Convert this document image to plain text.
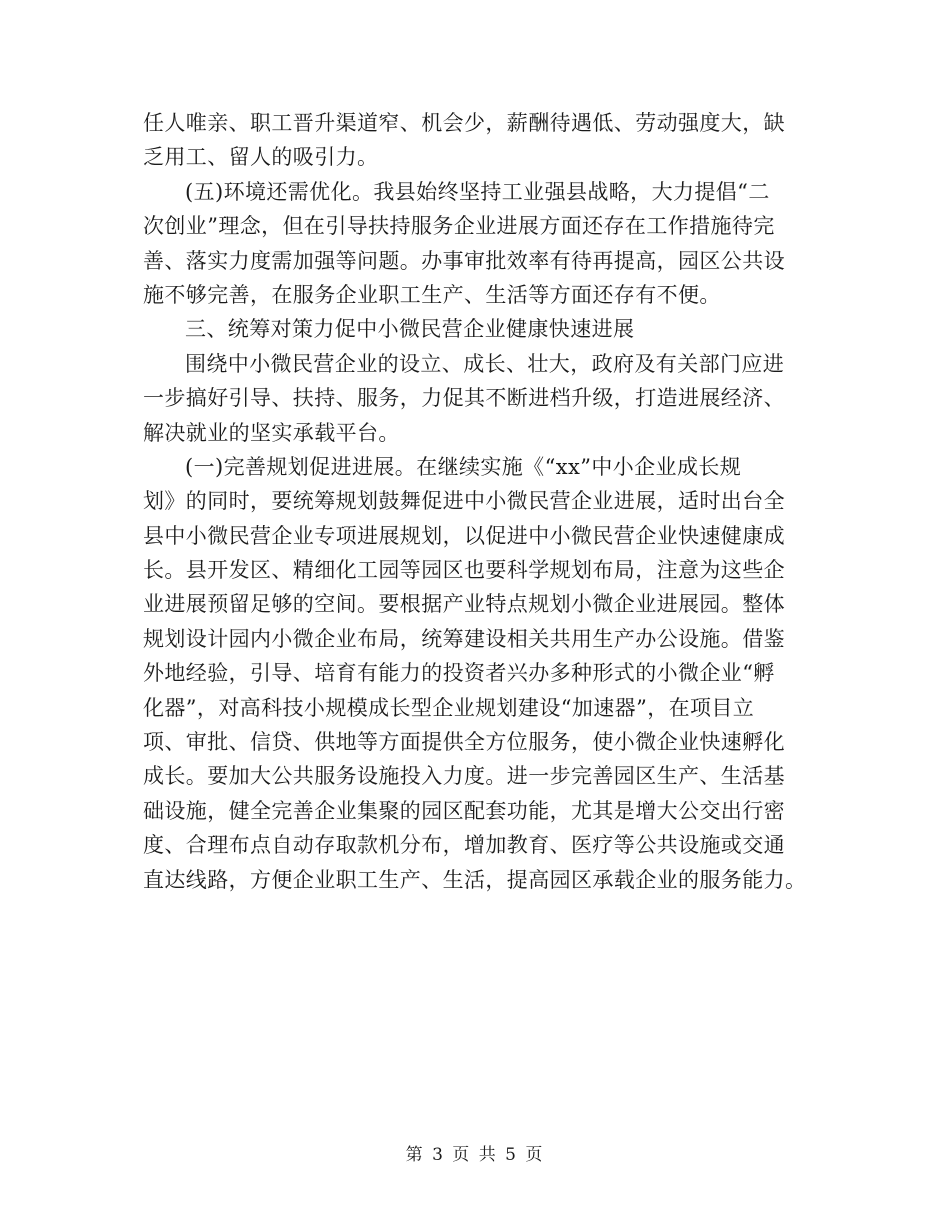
任人唯亲、职工晋升渠道窄、机会少，薪酬待遇低、劳动强度大，缺
乏用工、留人的吸引力。
(五)环境还需优化。我县始终坚持工业强县战略，大力提倡“二
次创业”理念，但在引导扶持服务企业进展方面还存在工作措施待完
善、落实力度需加强等问题。办事审批效率有待再提高，园区公共设
施不够完善，在服务企业职工生产、生活等方面还存有不便。
三、统筹对策力促中小微民营企业健康快速进展
围绕中小微民营企业的设立、成长、壮大，政府及有关部门应进
一步搞好引导、扶持、服务，力促其不断进档升级，打造进展经济、
解决就业的坚实承载平台。
(一)完善规划促进进展。在继续实施《“xx”中小企业成长规
划》的同时，要统筹规划鼓舞促进中小微民营企业进展，适时出台全
县中小微民营企业专项进展规划，以促进中小微民营企业快速健康成
长。县开发区、精细化工园等园区也要科学规划布局，注意为这些企
业进展预留足够的空间。要根据产业特点规划小微企业进展园。整体
规划设计园内小微企业布局，统筹建设相关共用生产办公设施。借鉴
外地经验，引导、培育有能力的投资者兴办多种形式的小微企业“孵
化器”，对高科技小规模成长型企业规划建设“加速器”，在项目立
项、审批、信贷、供地等方面提供全方位服务，使小微企业快速孵化
成长。要加大公共服务设施投入力度。进一步完善园区生产、生活基
础设施，健全完善企业集聚的园区配套功能，尤其是增大公交出行密
度、合理布点自动存取款机分布，增加教育、医疗等公共设施或交通
直达线路，方便企业职工生产、生活，提高园区承载企业的服务能力。
第 3 页 共 5 页
